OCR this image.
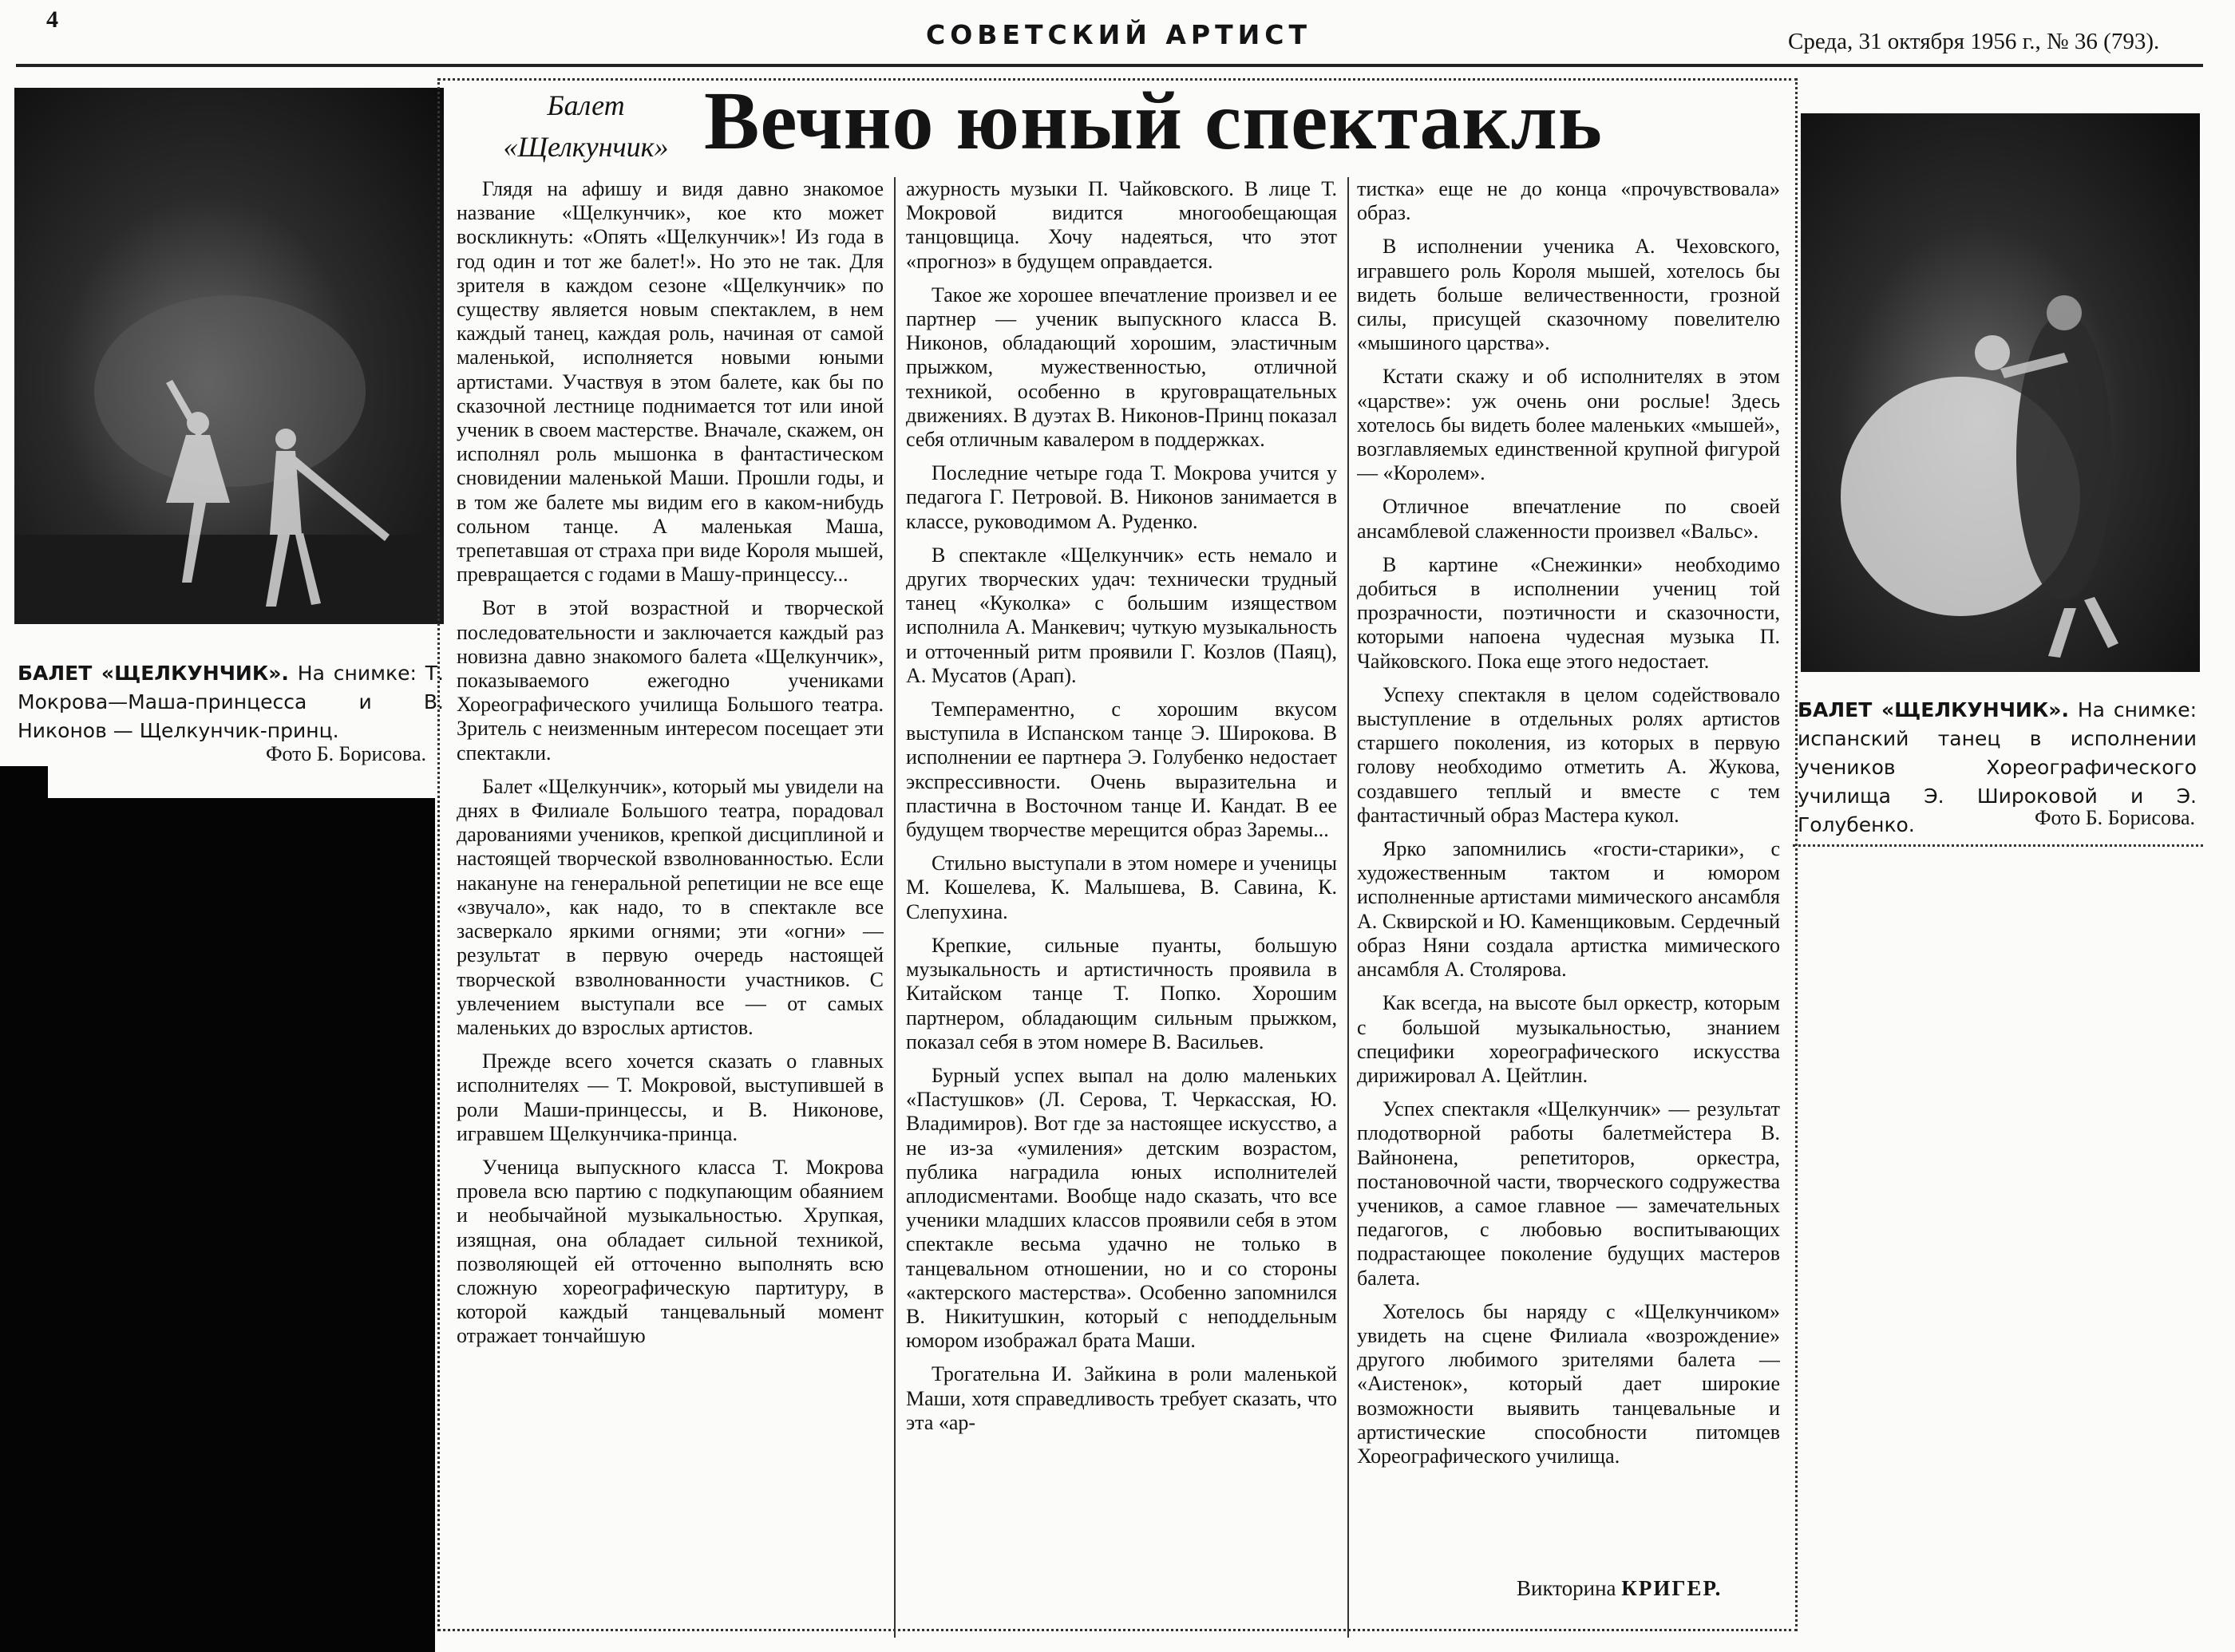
4	СОВЕТСКИЙ АРТИСТ	Среда, 31 октября 1956 г., № 36 (793).
БАЛЕТ «ЩЕЛКУНЧИК». На снимке: Т. Мокрова—Маша-принцесса и В. Никонов — Щелкунчик-принц.
Фото Б. Борисова.
Балет
«Щелкунчик» Вечно юный спектакль

Глядя на афишу и видя давно знакомое название «Щелкунчик», кое кто может воскликнуть: «Опять «Щелкунчик»! Из года в год один и тот же балет!». Но это не так. Для зрителя в каждом сезоне «Щелкунчик» по существу является новым спектаклем, в нем каждый танец, каждая роль, начиная от самой маленькой, исполняется новыми юными артистами. Участвуя в этом балете, как бы по сказочной лестнице поднимается тот или иной ученик в своем мастерстве. Вначале, скажем, он исполнял роль мышонка в фантастическом сновидении маленькой Маши. Прошли годы, и в том же балете мы видим его в каком-нибудь сольном танце. А маленькая Маша, трепетавшая от страха при виде Короля мышей, превращается с годами в Машу-принцессу...

Вот в этой возрастной и творческой последовательности и заключается каждый раз новизна давно знакомого балета «Щелкунчик», показываемого ежегодно учениками Хореографического училища Большого театра. Зритель с неизменным интересом посещает эти спектакли.

Балет «Щелкунчик», который мы увидели на днях в Филиале Большого театра, порадовал дарованиями учеников, крепкой дисциплиной и настоящей творческой взволнованностью. Если накануне на генеральной репетиции не все еще «звучало», как надо, то в спектакле все засверкало яркими огнями; эти «огни» — результат в первую очередь настоящей творческой взволнованности участников. С увлечением выступали все — от самых маленьких до взрослых артистов.

Прежде всего хочется сказать о главных исполнителях — Т. Мокровой, выступившей в роли Маши-принцессы, и В. Никонове, игравшем Щелкунчика-принца.

Ученица выпускного класса Т. Мокрова провела всю партию с подкупающим обаянием и необычайной музыкальностью. Хрупкая, изящная, она обладает сильной техникой, позволяющей ей отточенно выполнять всю сложную хореографическую партитуру, в которой каждый танцевальный момент отражает тончайшую

ажурность музыки П. Чайковского. В лице Т. Мокровой видится многообещающая танцовщица. Хочу надеяться, что этот «прогноз» в будущем оправдается.

Такое же хорошее впечатление произвел и ее партнер — ученик выпускного класса В. Никонов, обладающий хорошим, эластичным прыжком, мужественностью, отличной техникой, особенно в круговращательных движениях. В дуэтах В. Никонов-Принц показал себя отличным кавалером в поддержках.

Последние четыре года Т. Мокрова учится у педагога Г. Петровой. В. Никонов занимается в классе, руководимом А. Руденко.

В спектакле «Щелкунчик» есть немало и других творческих удач: технически трудный танец «Куколка» с большим изяществом исполнила А. Манкевич; чуткую музыкальность и отточенный ритм проявили Г. Козлов (Паяц), А. Мусатов (Арап).

Темпераментно, с хорошим вкусом выступила в Испанском танце Э. Широкова. В исполнении ее партнера Э. Голубенко недостает экспрессивности. Очень выразительна и пластична в Восточном танце И. Кандат. В ее будущем творчестве мерещится образ Заремы...

Стильно выступали в этом номере и ученицы М. Кошелева, К. Малышева, В. Савина, К. Слепухина.

Крепкие, сильные пуанты, большую музыкальность и артистичность проявила в Китайском танце Т. Попко. Хорошим партнером, обладающим сильным прыжком, показал себя в этом номере В. Васильев.

Бурный успех выпал на долю маленьких «Пастушков» (Л. Серова, Т. Черкасская, Ю. Владимиров). Вот где за настоящее искусство, а не из-за «умиления» детским возрастом, публика наградила юных исполнителей аплодисментами. Вообще надо сказать, что все ученики младших классов проявили себя в этом спектакле весьма удачно не только в танцевальном отношении, но и со стороны «актерского мастерства». Особенно запомнился В. Никитушкин, который с неподдельным юмором изображал брата Маши.

Трогательна И. Зайкина в роли маленькой Маши, хотя справедливость требует сказать, что эта «ар-

тистка» еще не до конца «прочувствовала» образ.

В исполнении ученика А. Чеховского, игравшего роль Короля мышей, хотелось бы видеть больше величественности, грозной силы, присущей сказочному повелителю «мышиного царства».

Кстати скажу и об исполнителях в этом «царстве»: уж очень они рослые! Здесь хотелось бы видеть более маленьких «мышей», возглавляемых единственной крупной фигурой — «Королем».

Отличное впечатление по своей ансамблевой слаженности произвел «Вальс».

В картине «Снежинки» необходимо добиться в исполнении учениц той прозрачности, поэтичности и сказочности, которыми напоена чудесная музыка П. Чайковского. Пока еще этого недостает.

Успеху спектакля в целом содействовало выступление в отдельных ролях артистов старшего поколения, из которых в первую голову необходимо отметить А. Жукова, создавшего теплый и вместе с тем фантастичный образ Мастера кукол.

Ярко запомнились «гости-старики», с художественным тактом и юмором исполненные артистами мимического ансамбля А. Сквирской и Ю. Каменщиковым. Сердечный образ Няни создала артистка мимического ансамбля А. Столярова.

Как всегда, на высоте был оркестр, которым с большой музыкальностью, знанием специфики хореографического искусства дирижировал А. Цейтлин.

Успех спектакля «Щелкунчик» — результат плодотворной работы балетмейстера В. Вайнонена, репетиторов, оркестра, постановочной части, творческого содружества учеников, а самое главное — замечательных педагогов, с любовью воспитывающих подрастающее поколение будущих мастеров балета.

Хотелось бы наряду с «Щелкунчиком» увидеть на сцене Филиала «возрождение» другого любимого зрителями балета — «Аистенок», который дает широкие возможности выявить танцевальные и артистические способности питомцев Хореографического училища.

Викторина КРИГЕР.
БАЛЕТ «ЩЕЛКУНЧИК». На снимке: испанский танец в исполнении учеников Хореографического училища Э. Широковой и Э. Голубенко.	Фото Б. Борисова.
